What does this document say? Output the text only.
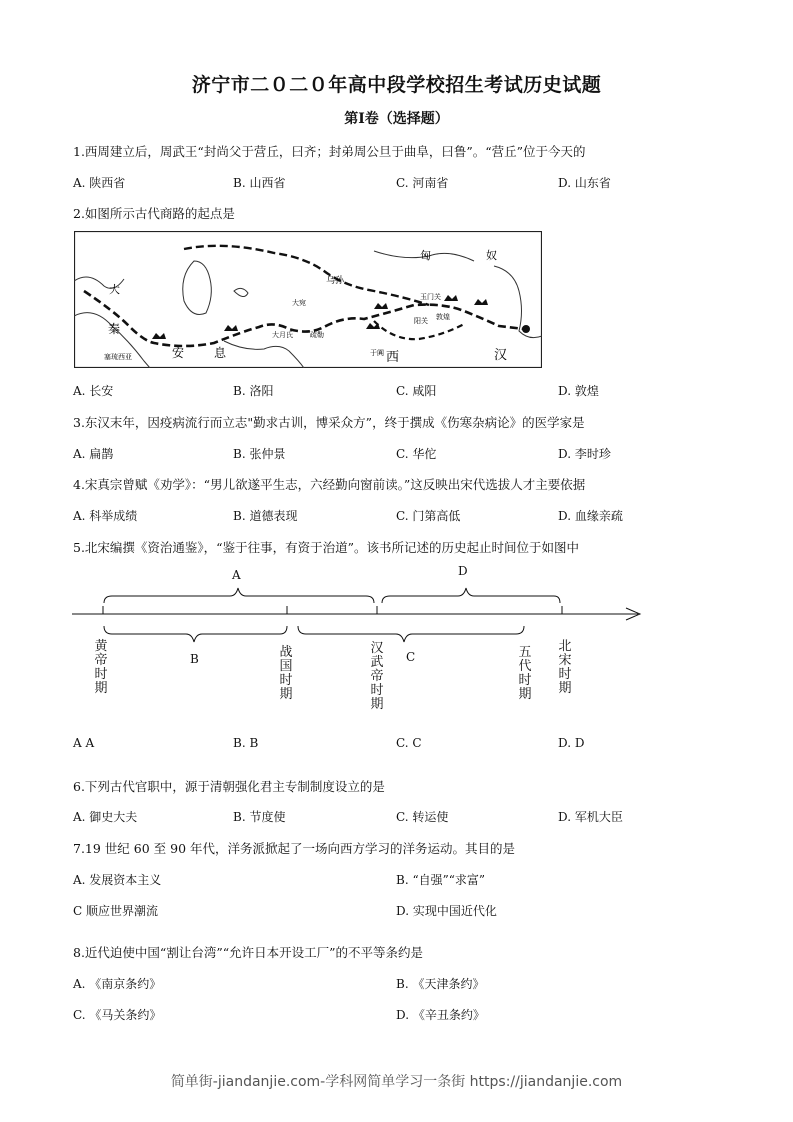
济宁市二０二０年高中段学校招生考试历史试题
第Ⅰ卷（选择题）
1.西周建立后，周武王“封尚父于营丘，曰齐；封弟周公旦于曲阜，曰鲁”。“营丘”位于今天的
A. 陕西省	B. 山西省	C. 河南省	D. 山东省
2.如图所示古代商路的起点是
匈	奴
大
秦
安 息	西	汉
塞琉西亚
玉门关
阳关 敦煌
大宛
大月氏 疏勒
于阗
乌孙
A. 长安	B. 洛阳	C. 咸阳	D. 敦煌
3.东汉末年，因疫病流行而立志"勤求古训，博采众方”，终于撰成《伤寒杂病论》的医学家是
A. 扁鹊	B. 张仲景	C. 华佗	D. 李时珍
4.宋真宗曾赋《劝学》：“男儿欲遂平生志，六经勤向窗前读。”这反映出宋代选拔人才主要依据
A. 科举成绩	B. 道德表现	C. 门第高低	D. 血缘亲疏
5.北宋编撰《资治通鉴》，“鉴于往事，有资于治道”。该书所记述的历史起止时间位于如图中
A	D
B	C
黄帝时期
战国时期
汉武帝时期
五代时期
北宋时期
A A	B. B	C. C	D. D
6.下列古代官职中，源于清朝强化君主专制制度设立的是
A. 御史大夫	B. 节度使	C. 转运使	D. 军机大臣
7.19 世纪 60 至 90 年代，洋务派掀起了一场向西方学习的洋务运动。其目的是
A. 发展资本主义	B. “自强”“求富”
C 顺应世界潮流	D. 实现中国近代化
8.近代迫使中国“割让台湾”“允许日本开设工厂”的不平等条约是
A. 《南京条约》	B. 《天津条约》
C. 《马关条约》	D. 《辛丑条约》
简单街-jiandanjie.com-学科网简单学习一条街 https://jiandanjie.com
